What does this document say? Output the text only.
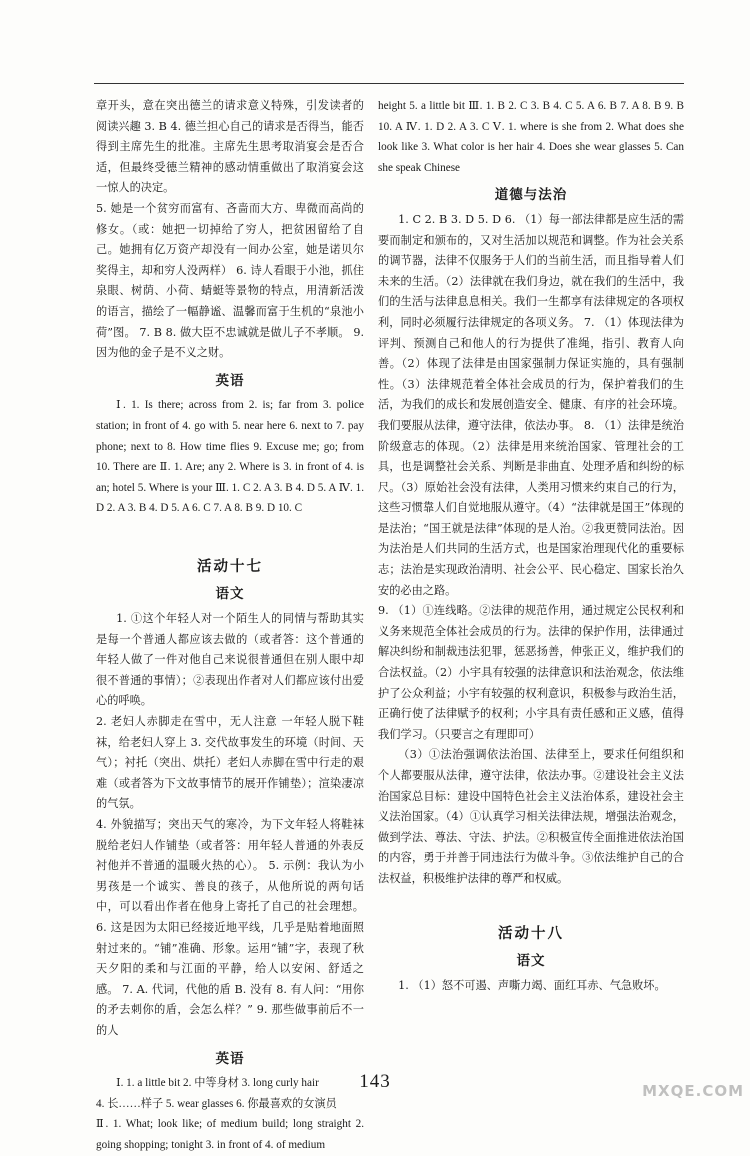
章开头，意在突出德兰的请求意义特殊，引发读者的阅读兴趣 3. B 4. 德兰担心自己的请求是否得当，能否得到主席先生的批准。主席先生思考取消宴会是否合适，但最终受德兰精神的感动情重做出了取消宴会这一惊人的决定。

5. 她是一个贫穷而富有、吝啬而大方、卑微而高尚的修女。（或：她把一切掉给了穷人，把贫困留给了自己。她拥有亿万资产却没有一间办公室，她是诺贝尔奖得主，却和穷人没两样） 6. 诗人看眼于小池，抓住泉眼、树荫、小荷、蜻蜓等景物的特点，用清新活泼的语言，描绘了一幅静谧、温馨而富于生机的“泉池小荷”图。 7. B 8. 做大臣不忠诚就是做儿子不孝顺。 9. 因为他的金子是不义之财。

英语

Ⅰ. 1. Is there; across from 2. is; far from 3. police station; in front of 4. go with 5. near here 6. next to 7. pay phone; next to 8. How time flies 9. Excuse me; go; from 10. There are Ⅱ. 1. Are; any 2. Where is 3. in front of 4. is an; hotel 5. Where is your Ⅲ. 1. C 2. A 3. B 4. D 5. A Ⅳ. 1. D 2. A 3. B 4. D 5. A 6. C 7. A 8. B 9. D 10. C

活动十七
语文

1. ①这个年轻人对一个陌生人的同情与帮助其实是每一个普通人都应该去做的（或者答：这个普通的年轻人做了一件对他自己来说很普通但在别人眼中却很不普通的事情）；②表现出作者对人们都应该付出爱心的呼唤。

2. 老妇人赤脚走在雪中，无人注意 一年轻人脱下鞋袜，给老妇人穿上 3. 交代故事发生的环境（时间、天气）；衬托（突出、烘托）老妇人赤脚在雪中行走的艰难（或者答为下文故事情节的展开作铺垫）；渲染凄凉的气氛。

4. 外貌描写；突出天气的寒冷，为下文年轻人将鞋袜脱给老妇人作铺垫（或者答：用年轻人普通的外表反衬他并不普通的温暖火热的心）。 5. 示例：我认为小男孩是一个诚实、善良的孩子，从他所说的两句话中，可以看出作者在他身上寄托了自己的社会理想。 6. 这是因为太阳已经接近地平线，几乎是贴着地面照射过来的。“铺”准确、形象。运用“铺”字，表现了秋天夕阳的柔和与江面的平静，给人以安闲、舒适之感。 7. A. 代词，代他的盾 B. 没有 8. 有人问：“用你的矛去刺你的盾，会怎么样？” 9. 那些做事前后不一的人

英语

Ⅰ. 1. a little bit 2. 中等身材 3. long curly hair

4. 长……样子 5. wear glasses 6. 你最喜欢的女演员

Ⅱ. 1. What; look like; of medium build; long straight 2. going shopping; tonight 3. in front of 4. of medium

height 5. a little bit Ⅲ. 1. B 2. C 3. B 4. C 5. A 6. B 7. A 8. B 9. B 10. A Ⅳ. 1. D 2. A 3. C Ⅴ. 1. where is she from 2. What does she look like 3. What color is her hair 4. Does she wear glasses 5. Can she speak Chinese

道德与法治

1. C 2. B 3. D 5. D 6. （1）每一部法律都是应生活的需要而制定和颁布的，又对生活加以规范和调整。作为社会关系的调节器，法律不仅服务于人们的当前生活，而且指导着人们未来的生活。（2）法律就在我们身边，就在我们的生活中，我们的生活与法律息息相关。我们一生都享有法律规定的各项权利，同时必须履行法律规定的各项义务。 7. （1）体现法律为评判、预测自己和他人的行为提供了准绳，指引、教育人向善。（2）体现了法律是由国家强制力保证实施的，具有强制性。（3）法律规范着全体社会成员的行为，保护着我们的生活，为我们的成长和发展创造安全、健康、有序的社会环境。我们要服从法律，遵守法律，依法办事。 8. （1）法律是统治阶级意志的体现。（2）法律是用来统治国家、管理社会的工具，也是调整社会关系、判断是非曲直、处理矛盾和纠纷的标尺。（3）原始社会没有法律，人类用习惯来约束自己的行为，这些习惯靠人们自觉地服从遵守。（4）“法律就是国王”体现的是法治；“国王就是法律”体现的是人治。②我更赞同法治。因为法治是人们共同的生活方式，也是国家治理现代化的重要标志；法治是实现政治清明、社会公平、民心稳定、国家长治久安的必由之路。

9. （1）①连线略。②法律的规范作用，通过规定公民权利和义务来规范全体社会成员的行为。法律的保护作用，法律通过解决纠纷和制裁违法犯罪，惩恶扬善，伸张正义，维护我们的合法权益。（2）小宇具有较强的法律意识和法治观念，依法维护了公众利益；小宇有较强的权利意识，积极参与政治生活，正确行使了法律赋予的权利；小宇具有责任感和正义感，值得我们学习。（只要言之有理即可）

（3）①法治强调依法治国、法律至上，要求任何组织和个人都要服从法律，遵守法律，依法办事。②建设社会主义法治国家总目标：建设中国特色社会主义法治体系，建设社会主义法治国家。（4）①认真学习相关法律法规，增强法治观念，做到学法、尊法、守法、护法。②积极宣传全面推进依法治国的内容，勇于并善于同违法行为做斗争。③依法维护自己的合法权益，积极维护法律的尊严和权威。

活动十八
语文

1. （1）怒不可遏、声嘶力竭、面红耳赤、气急败坏。

143	MXQE.COM
